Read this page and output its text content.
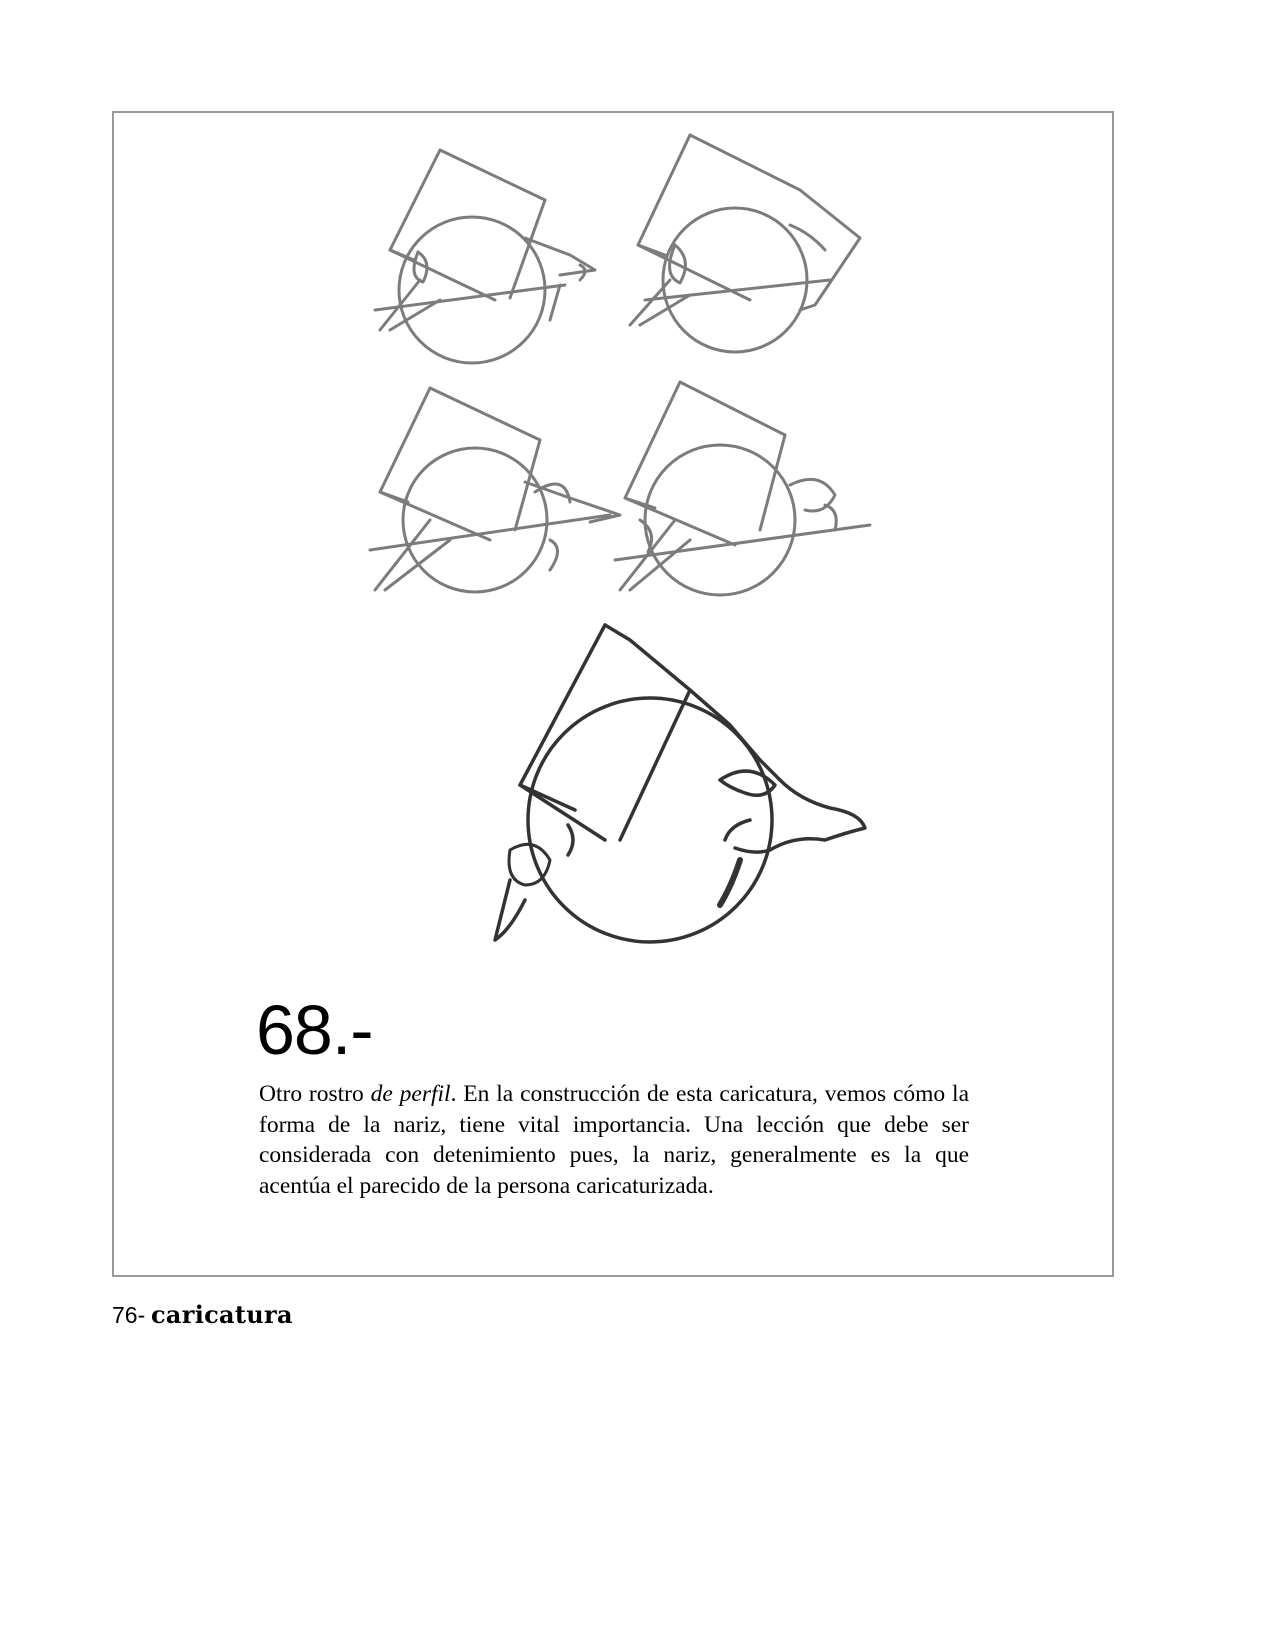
68.-

Otro rostro de perfil. En la construcción de esta caricatura, vemos cómo la forma de la nariz, tiene vital importancia. Una lección que debe ser considerada con detenimiento pues, la nariz, generalmente es la que acentúa el parecido de la persona caricaturizada.

76- caricatura
